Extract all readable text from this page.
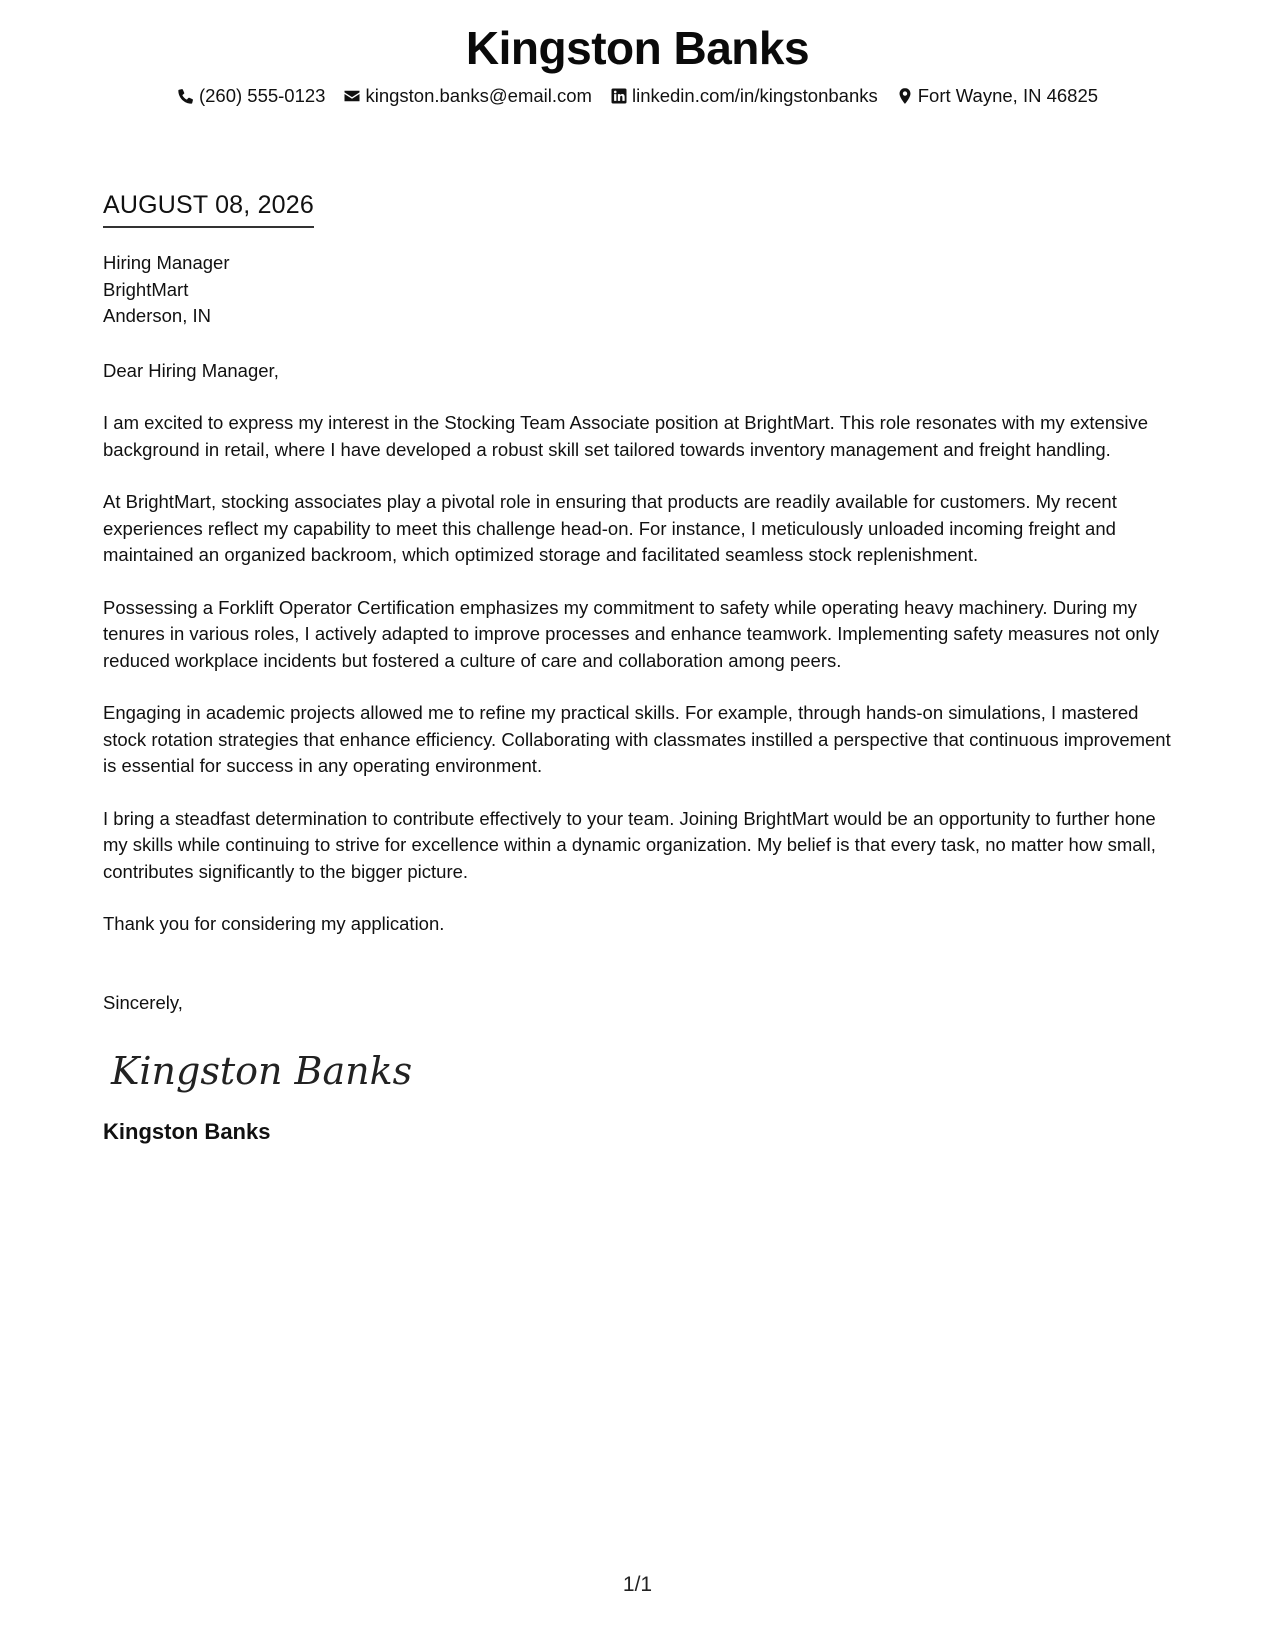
Kingston Banks
(260) 555-0123 kingston.banks@email.com linkedin.com/in/kingstonbanks Fort Wayne, IN 46825
AUGUST 08, 2026
Hiring Manager
BrightMart
Anderson, IN
Dear Hiring Manager,

I am excited to express my interest in the Stocking Team Associate position at BrightMart. This role resonates with my extensive background in retail, where I have developed a robust skill set tailored towards inventory management and freight handling.

At BrightMart, stocking associates play a pivotal role in ensuring that products are readily available for customers. My recent experiences reflect my capability to meet this challenge head-on. For instance, I meticulously unloaded incoming freight and maintained an organized backroom, which optimized storage and facilitated seamless stock replenishment.

Possessing a Forklift Operator Certification emphasizes my commitment to safety while operating heavy machinery. During my tenures in various roles, I actively adapted to improve processes and enhance teamwork. Implementing safety measures not only reduced workplace incidents but fostered a culture of care and collaboration among peers.

Engaging in academic projects allowed me to refine my practical skills. For example, through hands-on simulations, I mastered stock rotation strategies that enhance efficiency. Collaborating with classmates instilled a perspective that continuous improvement is essential for success in any operating environment.

I bring a steadfast determination to contribute effectively to your team. Joining BrightMart would be an opportunity to further hone my skills while continuing to strive for excellence within a dynamic organization. My belief is that every task, no matter how small, contributes significantly to the bigger picture.

Thank you for considering my application.

Sincerely,
Kingston Banks
Kingston Banks
1/1
